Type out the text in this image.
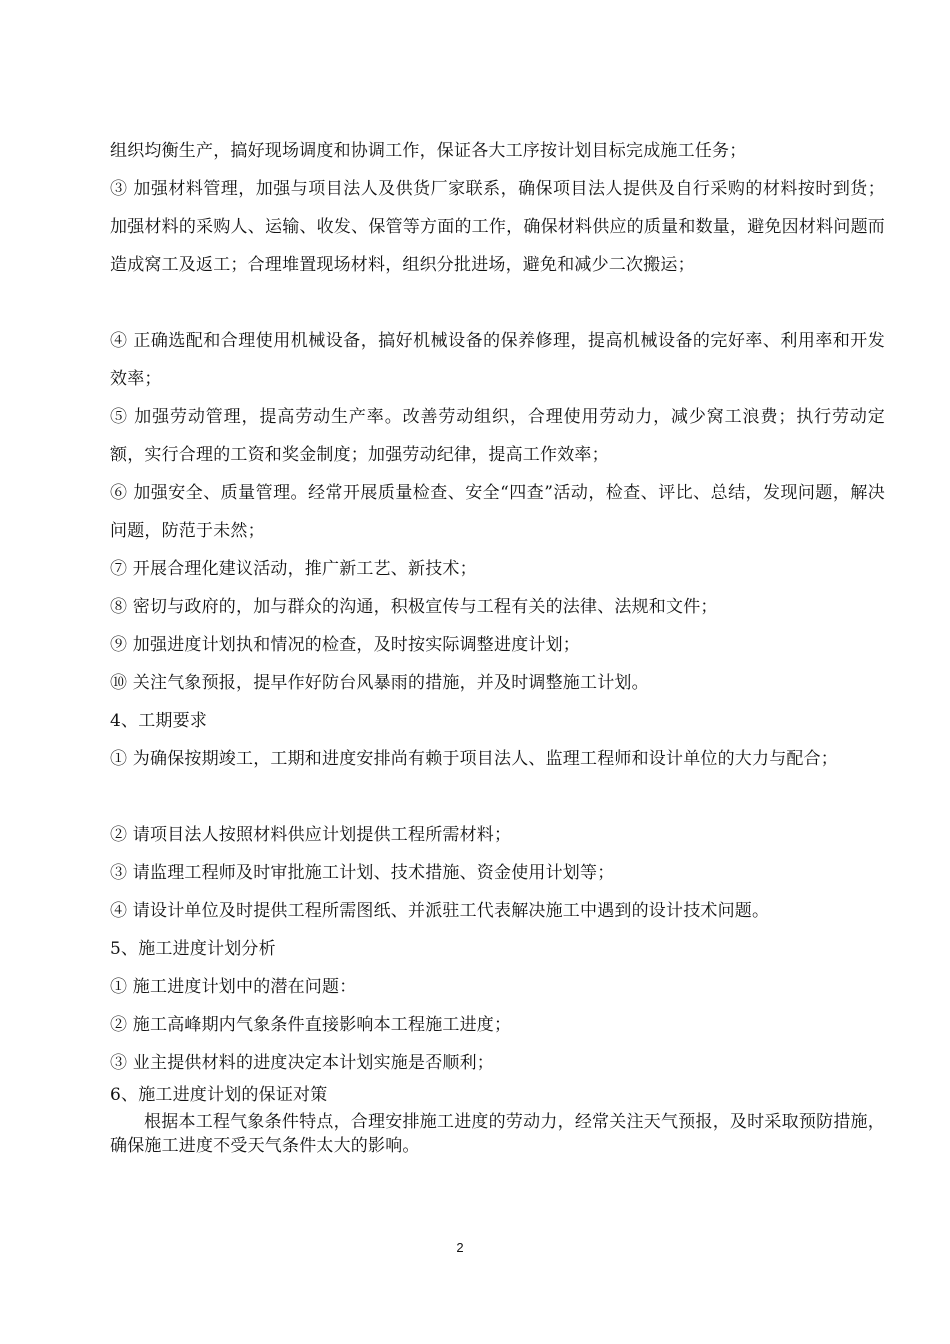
组织均衡生产，搞好现场调度和协调工作，保证各大工序按计划目标完成施工任务；

③ 加强材料管理，加强与项目法人及供货厂家联系，确保项目法人提供及自行采购的材料按时到货；加强材料的采购人、运输、收发、保管等方面的工作，确保材料供应的质量和数量，避免因材料问题而造成窝工及返工；合理堆置现场材料，组织分批进场，避免和减少二次搬运；

④ 正确选配和合理使用机械设备，搞好机械设备的保养修理，提高机械设备的完好率、利用率和开发效率；

⑤ 加强劳动管理，提高劳动生产率。改善劳动组织，合理使用劳动力，减少窝工浪费；执行劳动定额，实行合理的工资和奖金制度；加强劳动纪律，提高工作效率；

⑥ 加强安全、质量管理。经常开展质量检查、安全“四查”活动，检查、评比、总结，发现问题，解决问题，防范于未然；

⑦ 开展合理化建议活动，推广新工艺、新技术；

⑧ 密切与政府的，加与群众的沟通，积极宣传与工程有关的法律、法规和文件；

⑨ 加强进度计划执和情况的检查，及时按实际调整进度计划；

⑩ 关注气象预报，提早作好防台风暴雨的措施，并及时调整施工计划。

4、工期要求

① 为确保按期竣工，工期和进度安排尚有赖于项目法人、监理工程师和设计单位的大力与配合；

② 请项目法人按照材料供应计划提供工程所需材料；

③ 请监理工程师及时审批施工计划、技术措施、资金使用计划等；

④ 请设计单位及时提供工程所需图纸、并派驻工代表解决施工中遇到的设计技术问题。

5、施工进度计划分析

① 施工进度计划中的潜在问题：

② 施工高峰期内气象条件直接影响本工程施工进度；

③ 业主提供材料的进度决定本计划实施是否顺利；

6、施工进度计划的保证对策

根据本工程气象条件特点，合理安排施工进度的劳动力，经常关注天气预报，及时采取预防措施，确保施工进度不受天气条件太大的影响。

2
